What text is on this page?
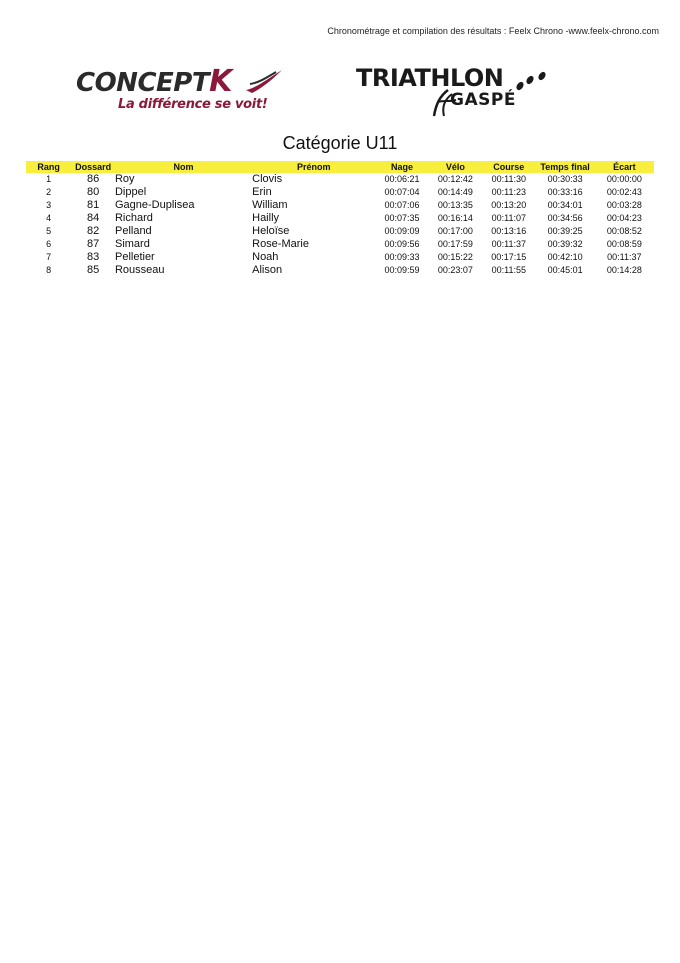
Chronométrage et compilation des résultats : Feelx Chrono -www.feelx-chrono.com
CONCEPTK
La différence se voit!
TRIATHLON
GASPÉ
Catégorie U11
Rang	Dossard	Nom	Prénom	Nage	Vélo	Course	Temps final	Écart
1	86	Roy	Clovis	00:06:21	00:12:42	00:11:30	00:30:33	00:00:00
2	80	Dippel	Erin	00:07:04	00:14:49	00:11:23	00:33:16	00:02:43
3	81	Gagne-Duplisea	William	00:07:06	00:13:35	00:13:20	00:34:01	00:03:28
4	84	Richard	Hailly	00:07:35	00:16:14	00:11:07	00:34:56	00:04:23
5	82	Pelland	Heloïse	00:09:09	00:17:00	00:13:16	00:39:25	00:08:52
6	87	Simard	Rose-Marie	00:09:56	00:17:59	00:11:37	00:39:32	00:08:59
7	83	Pelletier	Noah	00:09:33	00:15:22	00:17:15	00:42:10	00:11:37
8	85	Rousseau	Alison	00:09:59	00:23:07	00:11:55	00:45:01	00:14:28
